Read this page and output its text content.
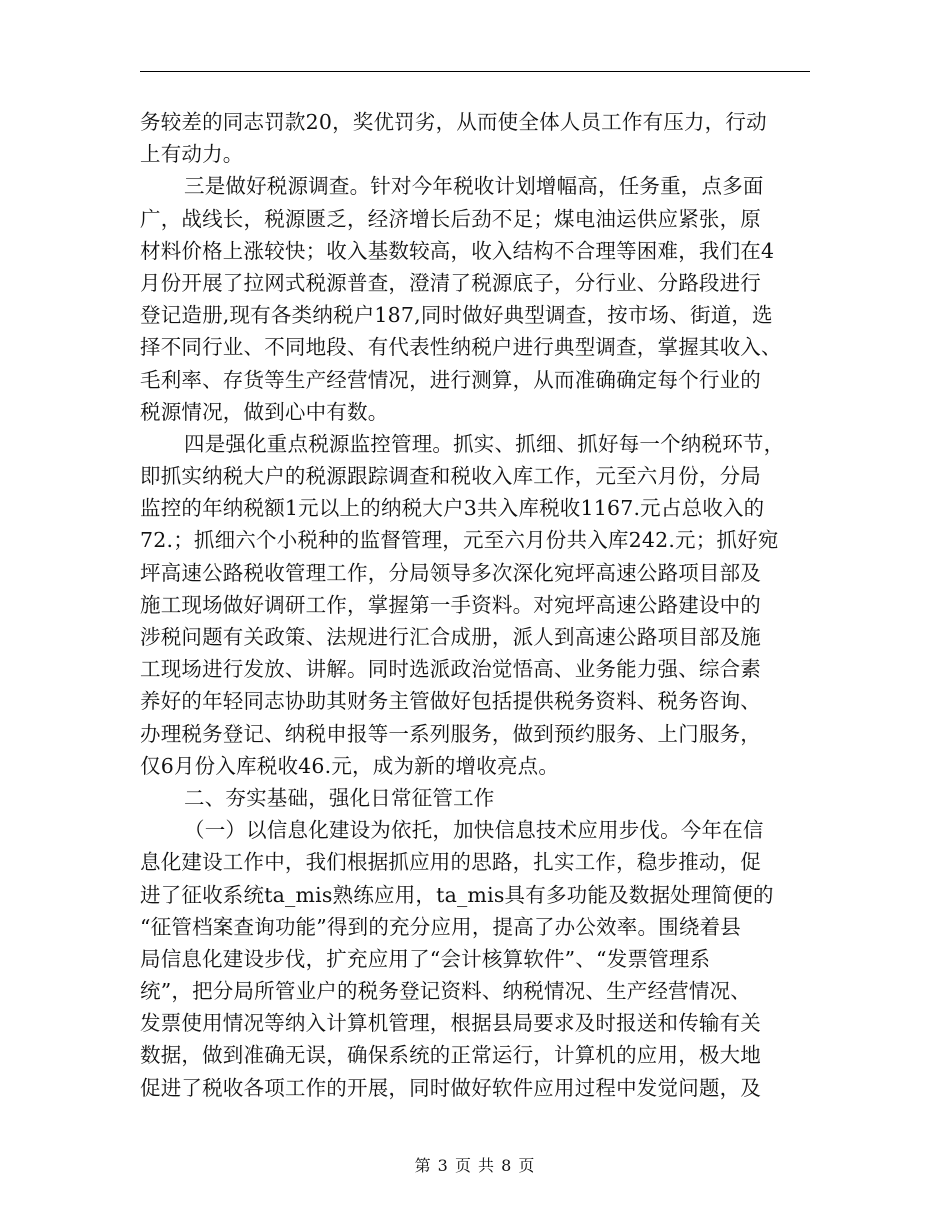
务较差的同志罚款20，奖优罚劣，从而使全体人员工作有压力，行动
上有动力。
三是做好税源调查。针对今年税收计划增幅高，任务重，点多面
广，战线长，税源匮乏，经济增长后劲不足；煤电油运供应紧张，原
材料价格上涨较快；收入基数较高，收入结构不合理等困难，我们在4
月份开展了拉网式税源普查，澄清了税源底子，分行业、分路段进行
登记造册,现有各类纳税户187,同时做好典型调查，按市场、街道，选
择不同行业、不同地段、有代表性纳税户进行典型调查，掌握其收入、
毛利率、存货等生产经营情况，进行测算，从而准确确定每个行业的
税源情况，做到心中有数。
四是强化重点税源监控管理。抓实、抓细、抓好每一个纳税环节，
即抓实纳税大户的税源跟踪调查和税收入库工作，元至六月份，分局
监控的年纳税额1元以上的纳税大户3共入库税收1167.元占总收入的
72.；抓细六个小税种的监督管理，元至六月份共入库242.元；抓好宛
坪高速公路税收管理工作，分局领导多次深化宛坪高速公路项目部及
施工现场做好调研工作，掌握第一手资料。对宛坪高速公路建设中的
涉税问题有关政策、法规进行汇合成册，派人到高速公路项目部及施
工现场进行发放、讲解。同时选派政治觉悟高、业务能力强、综合素
养好的年轻同志协助其财务主管做好包括提供税务资料、税务咨询、
办理税务登记、纳税申报等一系列服务，做到预约服务、上门服务，
仅6月份入库税收46.元，成为新的增收亮点。
二、夯实基础，强化日常征管工作
（一）以信息化建设为依托，加快信息技术应用步伐。今年在信
息化建设工作中，我们根据抓应用的思路，扎实工作，稳步推动，促
进了征收系统ta_mis熟练应用，ta_mis具有多功能及数据处理简便的
“征管档案查询功能”得到的充分应用，提高了办公效率。围绕着县
局信息化建设步伐，扩充应用了“会计核算软件”、“发票管理系
统”，把分局所管业户的税务登记资料、纳税情况、生产经营情况、
发票使用情况等纳入计算机管理，根据县局要求及时报送和传输有关
数据，做到准确无误，确保系统的正常运行，计算机的应用，极大地
促进了税收各项工作的开展，同时做好软件应用过程中发觉问题，及
第 3 页 共 8 页
